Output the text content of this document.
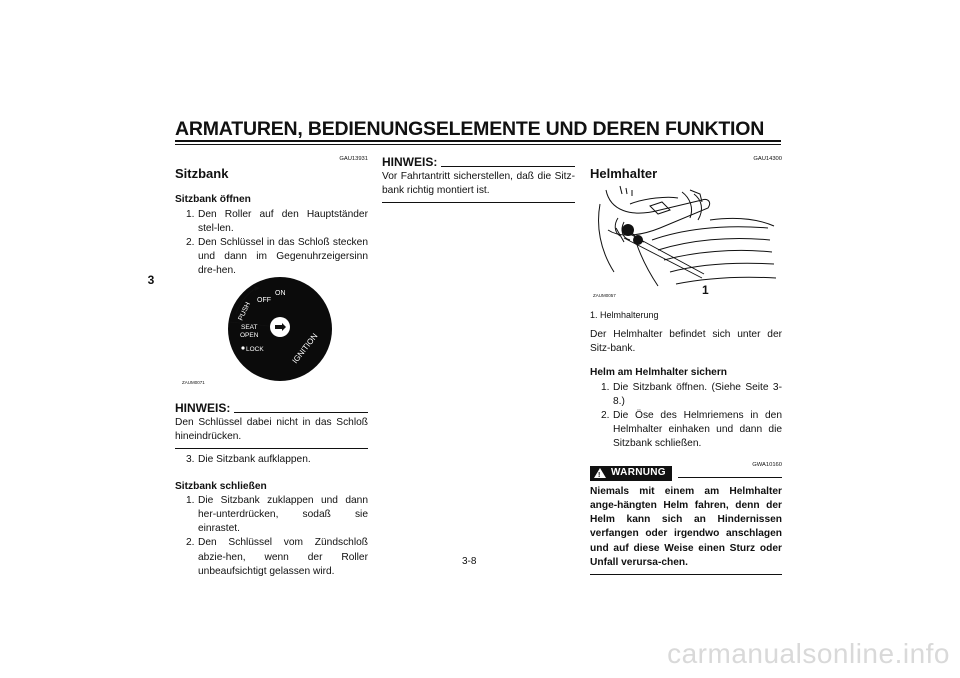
ARMATUREN, BEDIENUNGSELEMENTE UND DEREN FUNKTION
3
GAU13931
Sitzbank
Sitzbank öffnen
1. Den Roller auf den Hauptständer stel-len.
2. Den Schlüssel in das Schloß stecken und dann im Gegenuhrzeigersinn dre-hen.
PUSH
OFF
ON
SEAT
OPEN
LOCK	IGNITION
ZAUM0071
HINWEIS:
Den Schlüssel dabei nicht in das Schloß hineindrücken.
3. Die Sitzbank aufklappen.
Sitzbank schließen
1. Die Sitzbank zuklappen und dann her-unterdrücken, sodaß sie einrastet.
2. Den Schlüssel vom Zündschloß abzie-hen, wenn der Roller unbeaufsichtigt gelassen wird.
HINWEIS:
Vor Fahrtantritt sicherstellen, daß die Sitz-bank richtig montiert ist.
GAU14300
Helmhalter
1
ZAUM0057
1. Helmhalterung
Der Helmhalter befindet sich unter der Sitz-bank.
Helm am Helmhalter sichern
1. Die Sitzbank öffnen. (Siehe Seite 3-8.)
2. Die Öse des Helmriemens in den Helmhalter einhaken und dann die Sitzbank schließen.
GWA10160
! WARNUNG
Niemals mit einem am Helmhalter ange-hängten Helm fahren, denn der Helm kann sich an Hindernissen verfangen oder irgendwo anschlagen und auf diese Weise einen Sturz oder Unfall verursa-chen.
3-8
carmanualsonline.info
